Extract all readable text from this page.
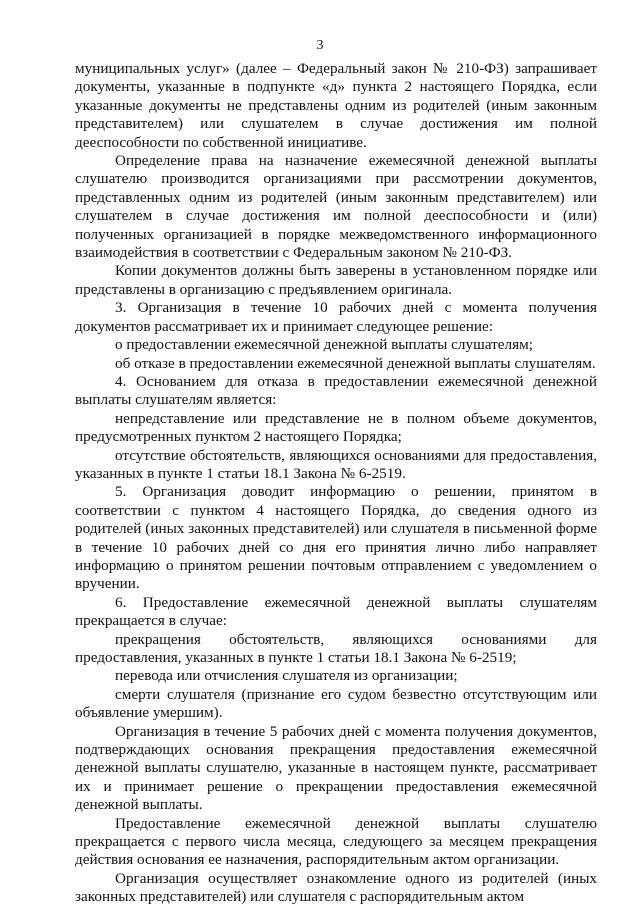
3

муниципальных услуг» (далее – Федеральный закон № 210-ФЗ) запрашивает документы, указанные в подпункте «д» пункта 2 настоящего Порядка, если указанные документы не представлены одним из родителей (иным законным представителем) или слушателем в случае достижения им полной дееспособности по собственной инициативе.

Определение права на назначение ежемесячной денежной выплаты слушателю производится организациями при рассмотрении документов, представленных одним из родителей (иным законным представителем) или слушателем в случае достижения им полной дееспособности и (или) полученных организацией в порядке межведомственного информационного взаимодействия в соответствии с Федеральным законом № 210-ФЗ.

Копии документов должны быть заверены в установленном порядке или представлены в организацию с предъявлением оригинала.

3. Организация в течение 10 рабочих дней с момента получения документов рассматривает их и принимает следующее решение:

о предоставлении ежемесячной денежной выплаты слушателям;

об отказе в предоставлении ежемесячной денежной выплаты слушателям.

4. Основанием для отказа в предоставлении ежемесячной денежной выплаты слушателям является:

непредставление или представление не в полном объеме документов, предусмотренных пунктом 2 настоящего Порядка;

отсутствие обстоятельств, являющихся основаниями для предоставления, указанных в пункте 1 статьи 18.1 Закона № 6-2519.

5. Организация доводит информацию о решении, принятом в соответствии с пунктом 4 настоящего Порядка, до сведения одного из родителей (иных законных представителей) или слушателя в письменной форме в течение 10 рабочих дней со дня его принятия лично либо направляет информацию о принятом решении почтовым отправлением с уведомлением о вручении.

6. Предоставление ежемесячной денежной выплаты слушателям прекращается в случае:

прекращения обстоятельств, являющихся основаниями для предоставления, указанных в пункте 1 статьи 18.1 Закона № 6-2519;

перевода или отчисления слушателя из организации;

смерти слушателя (признание его судом безвестно отсутствующим или объявление умершим).

Организация в течение 5 рабочих дней с момента получения документов, подтверждающих основания прекращения предоставления ежемесячной денежной выплаты слушателю, указанные в настоящем пункте, рассматривает их и принимает решение о прекращении предоставления ежемесячной денежной выплаты.

Предоставление ежемесячной денежной выплаты слушателю прекращается с первого числа месяца, следующего за месяцем прекращения действия основания ее назначения, распорядительным актом организации.

Организация осуществляет ознакомление одного из родителей (иных законных представителей) или слушателя с распорядительным актом
